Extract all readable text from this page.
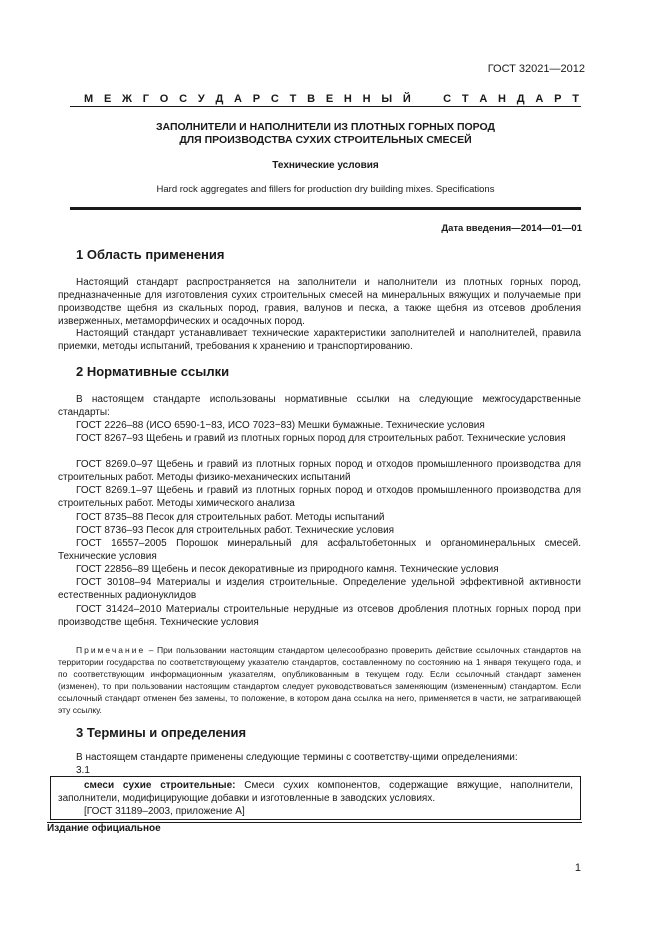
ГОСТ 32021—2012
М Е Ж Г О С У Д А Р С Т В Е Н Н Ы Й	С Т А Н Д А Р Т
ЗАПОЛНИТЕЛИ И НАПОЛНИТЕЛИ ИЗ ПЛОТНЫХ ГОРНЫХ ПОРОД
ДЛЯ ПРОИЗВОДСТВА СУХИХ СТРОИТЕЛЬНЫХ СМЕСЕЙ
Технические условия
Hard rock aggregates and fillers for production dry building mixes. Specifications
Дата введения—2014—01—01
1 Область применения
Настоящий стандарт распространяется на заполнители и наполнители из плотных горных пород, предназначенные для изготовления сухих строительных смесей на минеральных вяжущих и получаемые при производстве щебня из скальных пород, гравия, валунов и песка, а также щебня из отсевов дробления изверженных, метаморфических и осадочных пород.
Настоящий стандарт устанавливает технические характеристики заполнителей и наполнителей, правила приемки, методы испытаний, требования к хранению и транспортированию.
2 Нормативные ссылки
В настоящем стандарте использованы нормативные ссылки на следующие межгосударственные стандарты:
ГОСТ 2226–88 (ИСО 6590-1−83, ИСО 7023−83) Мешки бумажные. Технические условия
ГОСТ 8267–93 Щебень и гравий из плотных горных пород для строительных работ. Технические условия
ГОСТ 8269.0–97 Щебень и гравий из плотных горных пород и отходов промышленного производства для строительных работ. Методы физико-механических испытаний
ГОСТ 8269.1–97 Щебень и гравий из плотных горных пород и отходов промышленного производства для строительных работ. Методы химического анализа
ГОСТ 8735–88 Песок для строительных работ. Методы испытаний
ГОСТ 8736–93 Песок для строительных работ. Технические условия
ГОСТ 16557–2005 Порошок минеральный для асфальтобетонных и органоминеральных смесей. Технические условия
ГОСТ 22856–89 Щебень и песок декоративные из природного камня. Технические условия
ГОСТ 30108–94 Материалы и изделия строительные. Определение удельной эффективной активности естественных радионуклидов
ГОСТ 31424–2010 Материалы строительные нерудные из отсевов дробления плотных горных пород при производстве щебня. Технические условия
Примечание – При пользовании настоящим стандартом целесообразно проверить действие ссылочных стандартов на территории государства по соответствующему указателю стандартов, составленному по состоянию на 1 января текущего года, и по соответствующим информационным указателям, опубликованным в текущем году. Если ссылочный стандарт заменен (изменен), то при пользовании настоящим стандартом следует руководствоваться заменяющим (измененным) стандартом. Если ссылочный стандарт отменен без замены, то положение, в котором дана ссылка на него, применяется в части, не затрагивающей эту ссылку.
3 Термины и определения
В настоящем стандарте применены следующие термины с соответству-щими определениями:
3.1
смеси сухие строительные: Смеси сухих компонентов, содержащие вяжущие, наполнители, заполнители, модифицирующие добавки и изготовленные в заводских условиях.
[ГОСТ 31189–2003, приложение А]
Издание официальное
1
